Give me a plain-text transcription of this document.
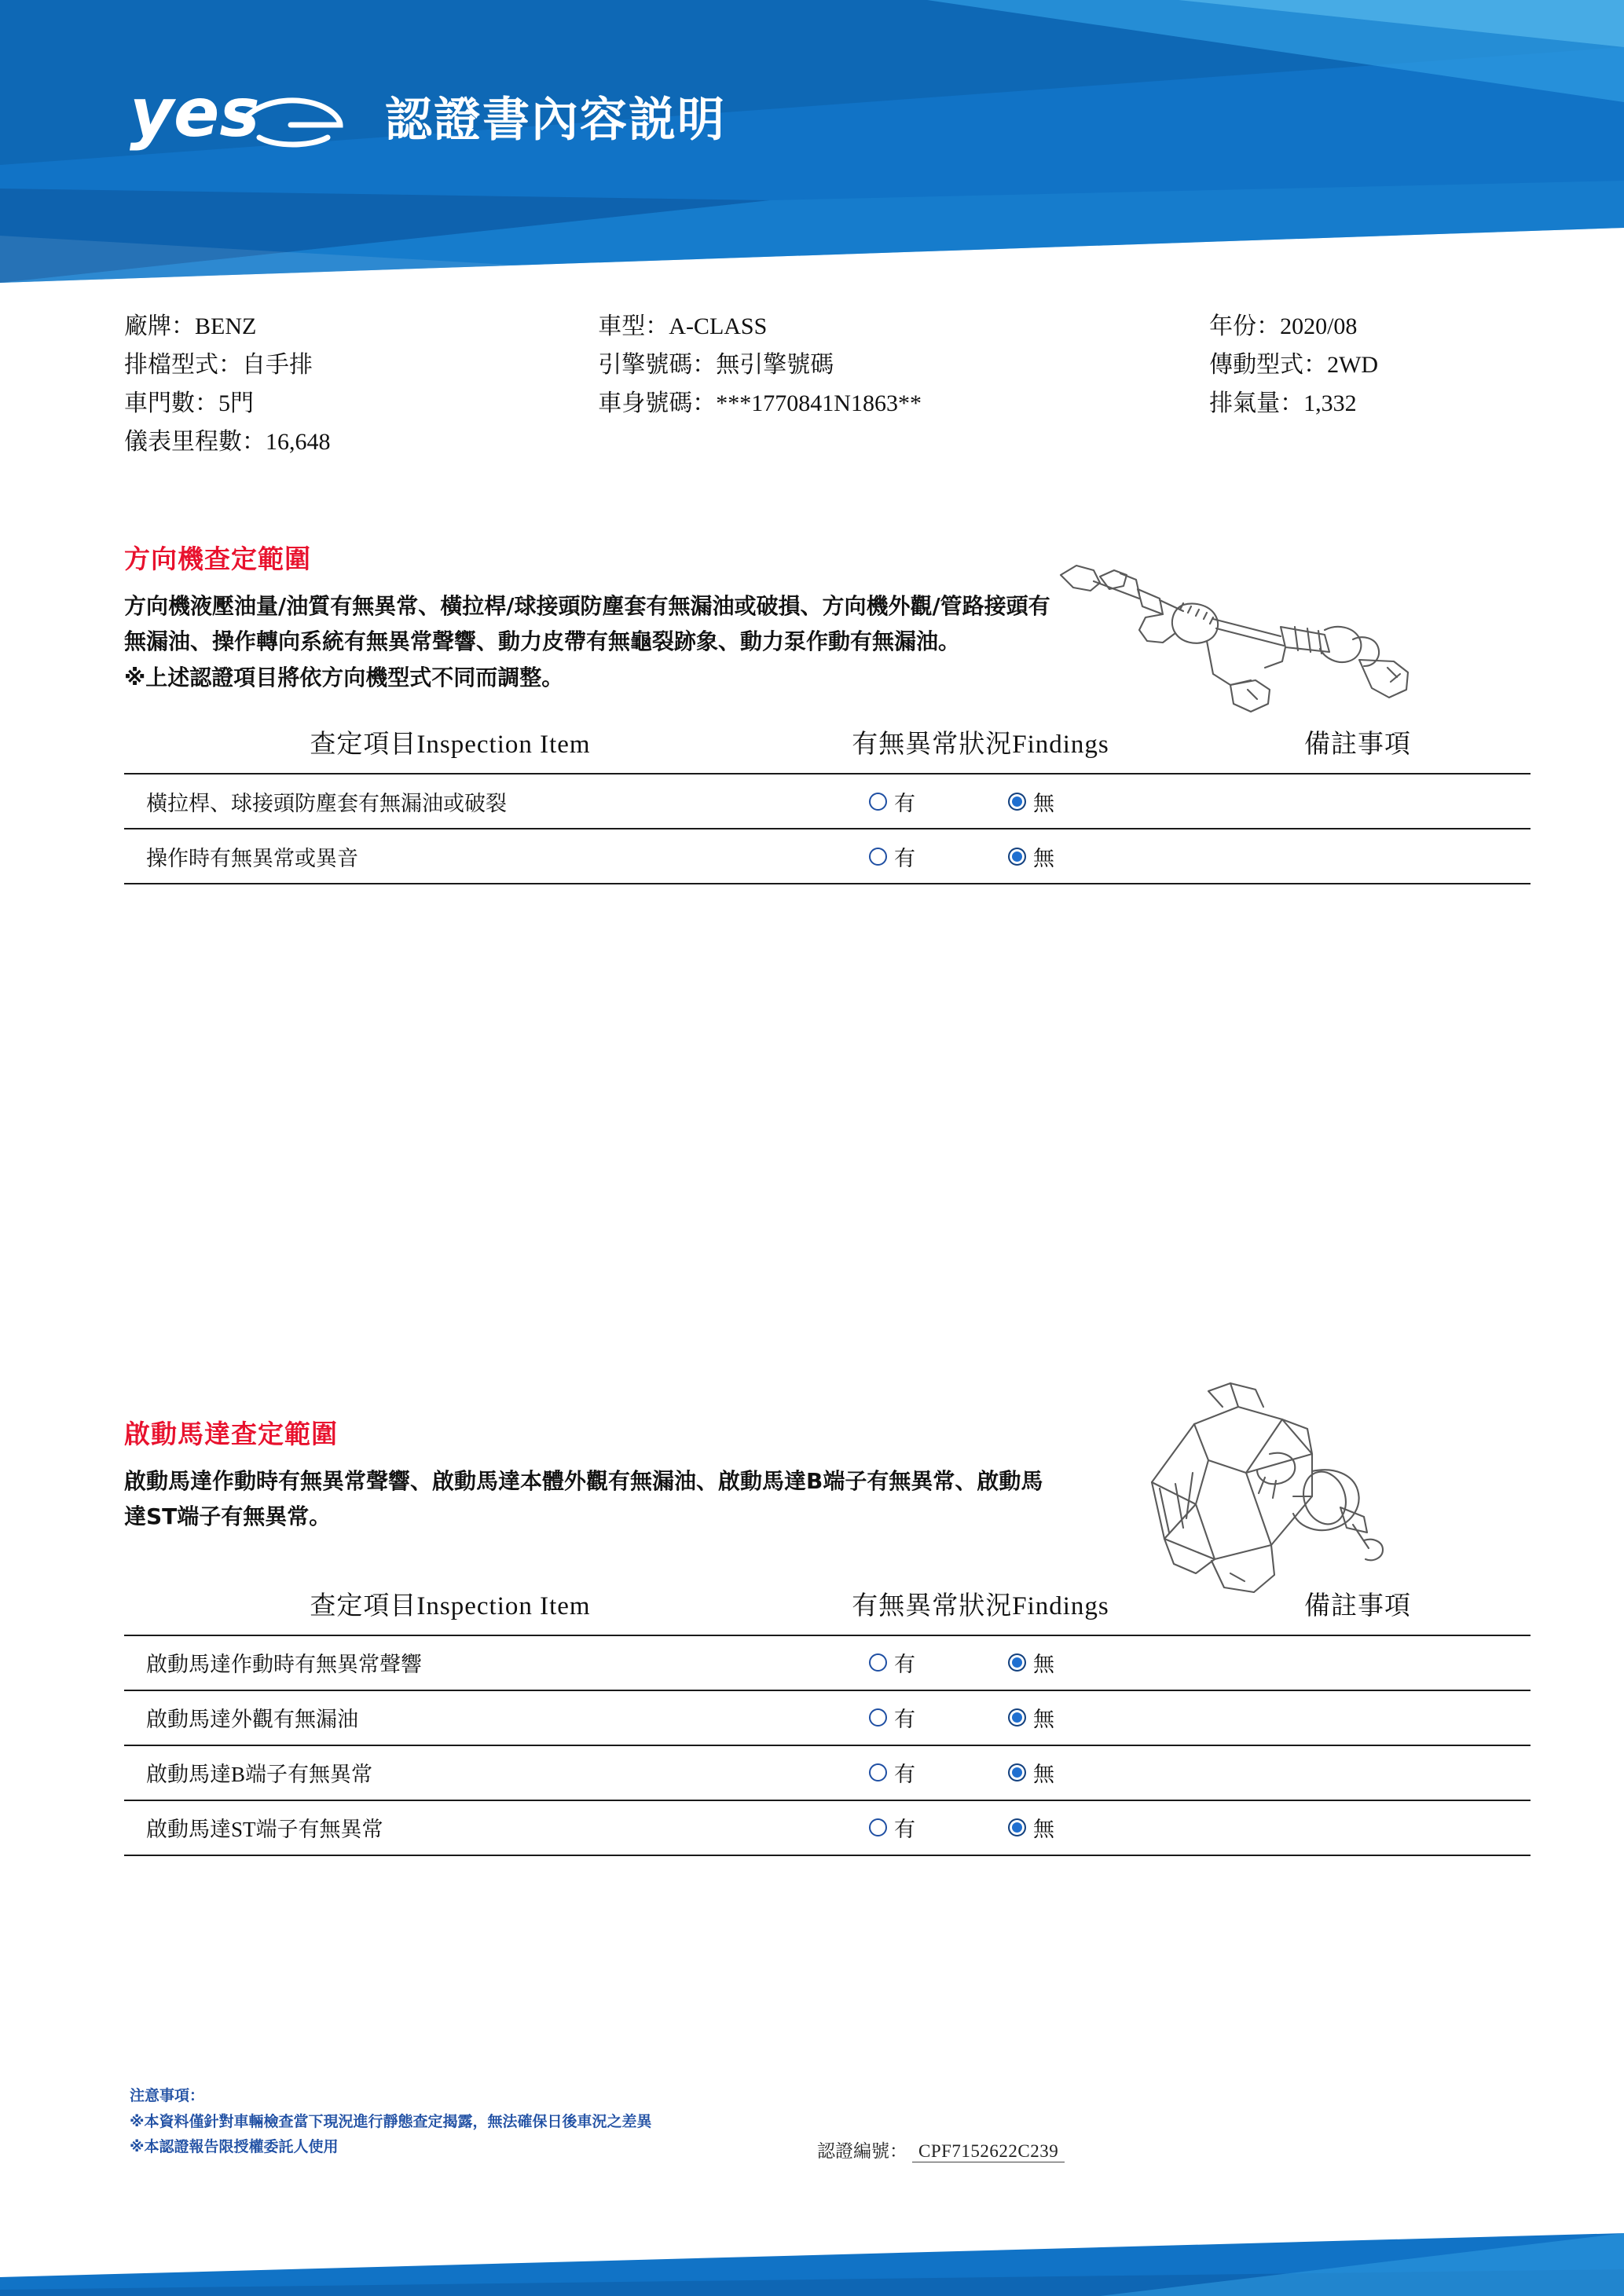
yes	認證書內容説明
廠牌：BENZ	車型：A-CLASS	年份：2020/08
排檔型式：自手排	引擎號碼：無引擎號碼	傳動型式：2WD
車門數：5門	車身號碼：***1770841N1863**	排氣量：1,332
儀表里程數：16,648
方向機查定範圍
方向機液壓油量/油質有無異常、橫拉桿/球接頭防塵套有無漏油或破損、方向機外觀/管路接頭有無漏油、操作轉向系統有無異常聲響、動力皮帶有無龜裂跡象、動力泵作動有無漏油。
※上述認證項目將依方向機型式不同而調整。
查定項目Inspection Item	有無異常狀況Findings	備註事項
橫拉桿、球接頭防塵套有無漏油或破裂	有 無	

操作時有無異常或異音	有 無	

啟動馬達查定範圍
啟動馬達作動時有無異常聲響、啟動馬達本體外觀有無漏油、啟動馬達B端子有無異常、啟動馬達ST端子有無異常。
查定項目Inspection Item	有無異常狀況Findings	備註事項
啟動馬達作動時有無異常聲響	有 無	

啟動馬達外觀有無漏油	有 無	

啟動馬達B端子有無異常	有 無	

啟動馬達ST端子有無異常	有 無	

注意事項：
※本資料僅針對車輛檢查當下現況進行靜態查定揭露，無法確保日後車況之差異
※本認證報告限授權委託人使用	認證編號： CPF7152622C239
